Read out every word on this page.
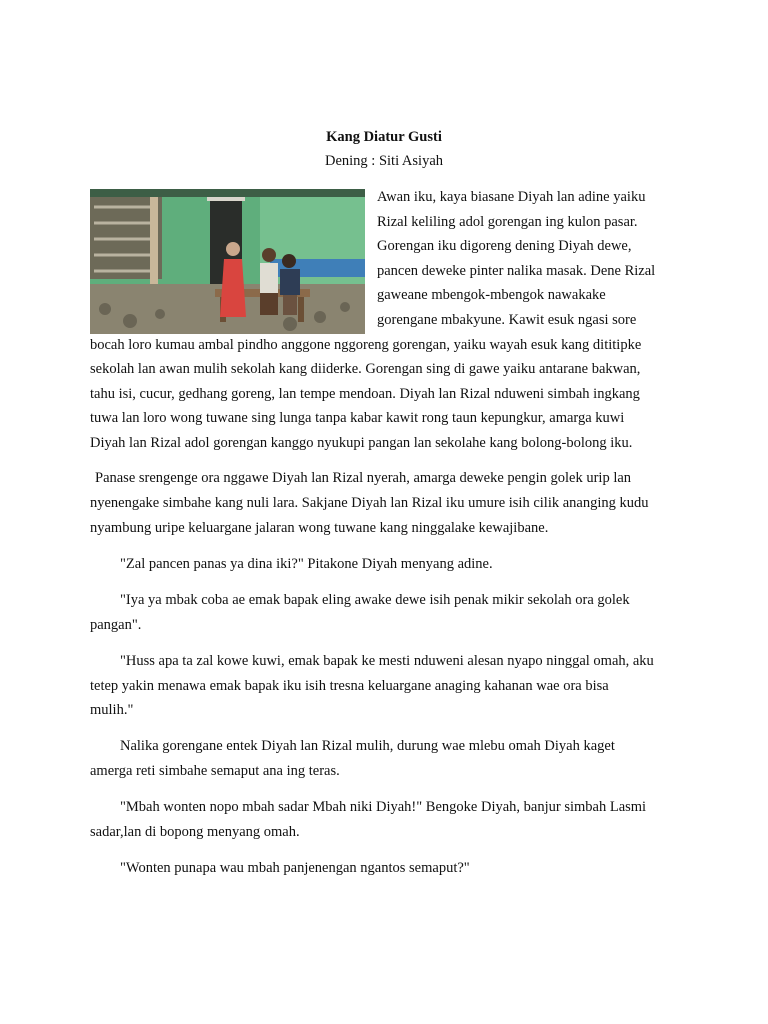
Kang Diatur Gusti
Dening : Siti Asiyah
Awan iku, kaya biasane Diyah lan adine yaiku
Rizal keliling adol gorengan ing kulon pasar.
Gorengan iku digoreng dening Diyah dewe,
pancen deweke pinter nalika masak. Dene Rizal
gaweane mbengok-mbengok nawakake
gorengane mbakyune. Kawit esuk ngasi sore
bocah loro kumau ambal pindho anggone nggoreng gorengan, yaiku wayah esuk kang dititipke
sekolah lan awan mulih sekolah kang diiderke. Gorengan sing di gawe yaiku antarane bakwan,
tahu isi, cucur, gedhang goreng, lan tempe mendoan. Diyah lan Rizal nduweni simbah ingkang
tuwa lan loro wong tuwane sing lunga tanpa kabar kawit rong taun kepungkur, amarga kuwi
Diyah lan Rizal adol gorengan kanggo nyukupi pangan lan sekolahe kang bolong-bolong iku.
Panase srengenge ora nggawe Diyah lan Rizal nyerah, amarga deweke pengin golek urip lan
nyenengake simbahe kang nuli lara. Sakjane Diyah lan Rizal iku umure isih cilik ananging kudu
nyambung uripe keluargane jalaran wong tuwane kang ninggalake kewajibane.
"Zal pancen panas ya dina iki?" Pitakone Diyah menyang adine.
"Iya ya mbak coba ae emak bapak eling awake dewe isih penak mikir sekolah ora golek
pangan".
"Huss apa ta zal kowe kuwi, emak bapak ke mesti nduweni alesan nyapo ninggal omah, aku
tetep yakin menawa emak bapak iku isih tresna keluargane anaging kahanan wae ora bisa
mulih."
Nalika gorengane entek Diyah lan Rizal mulih, durung wae mlebu omah Diyah kaget
amerga reti simbahe semaput ana ing teras.
"Mbah wonten nopo mbah sadar Mbah niki Diyah!" Bengoke Diyah, banjur simbah Lasmi
sadar,lan di bopong menyang omah.
"Wonten punapa wau mbah panjenengan ngantos semaput?"
